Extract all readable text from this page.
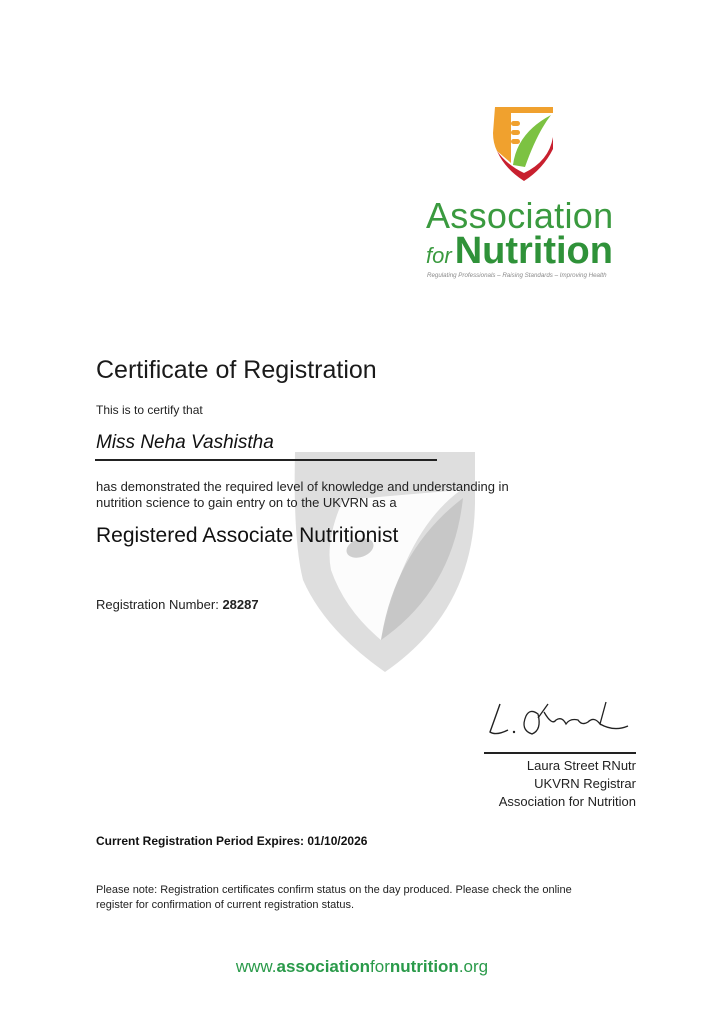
Association
forNutrition
Regulating Professionals – Raising Standards – Improving Health
Certificate of Registration
This is to certify that
Miss Neha Vashistha
has demonstrated the required level of knowledge and understanding in nutrition science to gain entry on to the UKVRN as a
Registered Associate Nutritionist
Registration Number: 28287
Laura Street RNutr
UKVRN Registrar
Association for Nutrition
Current Registration Period Expires: 01/10/2026
Please note: Registration certificates confirm status on the day produced. Please check the online register for confirmation of current registration status.
www.associationfornutrition.org
